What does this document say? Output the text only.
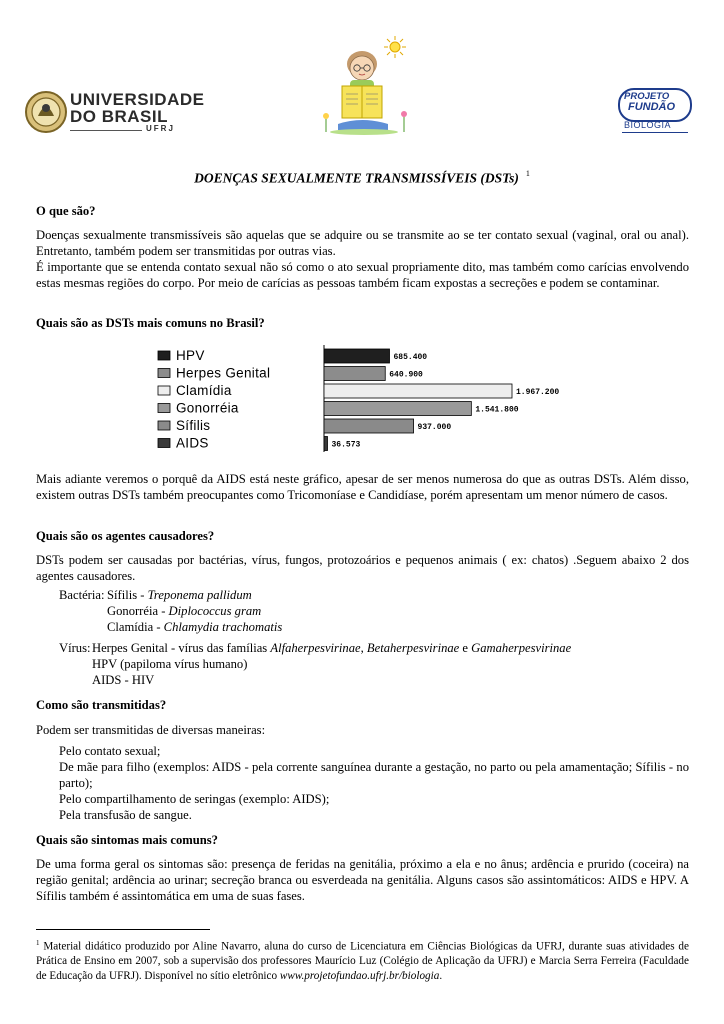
UNIVERSIDADE
DO BRASIL
UFRJ
PROJETO
FUNDÃO
BIOLOGIA
DOENÇAS SEXUALMENTE TRANSMISSÍVEIS (DSTs) $^1$
O que são?

Doenças sexualmente transmissíveis são aquelas que se adquire ou se transmite ao se ter contato sexual (vaginal, oral ou anal). Entretanto, também podem ser transmitidas por outras vias.

É importante que se entenda contato sexual não só como o ato sexual propriamente dito, mas também como carícias envolvendo estas mesmas regiões do corpo. Por meio de carícias as pessoas também ficam expostas a secreções e podem se contaminar.

Quais são as DSTs mais comuns no Brasil?
HPV	685.400
Herpes Genital	640.900
Clamídia	1.967.200
Gonorréia	1.541.800
Sífilis	937.000
AIDS	36.573

Mais adiante veremos o porquê da AIDS está neste gráfico, apesar de ser menos numerosa do que as outras DSTs. Além disso, existem outras DSTs também preocupantes como Tricomoníase e Candidíase, porém apresentam um menor número de casos.

Quais são os agentes causadores?

DSTs podem ser causadas por bactérias, vírus, fungos, protozoários e pequenos animais ( ex: chatos) .Seguem abaixo 2 dos agentes causadores.

Bactéria: Sífilis - Treponema pallidum
Gonorréia - Diplococcus gram
Clamídia - Chlamydia trachomatis
Vírus: Herpes Genital - vírus das famílias Alfaherpesvirinae, Betaherpesvirinae e Gamaherpesvirinae
HPV (papiloma vírus humano)
AIDS - HIV
Como são transmitidas?

Podem ser transmitidas de diversas maneiras:

Pelo contato sexual;

De mãe para filho (exemplos: AIDS - pela corrente sanguínea durante a gestação, no parto ou pela amamentação; Sífilis - no parto);

Pelo compartilhamento de seringas (exemplo: AIDS);

Pela transfusão de sangue.

Quais são sintomas mais comuns?

De uma forma geral os sintomas são: presença de feridas na genitália, próximo a ela e no ânus; ardência e prurido (coceira) na região genital; ardência ao urinar; secreção branca ou esverdeada na genitália. Alguns casos são assintomáticos: AIDS e HPV. A Sífilis também é assintomática em uma de suas fases.

$^1$ Material didático produzido por Aline Navarro, aluna do curso de Licenciatura em Ciências Biológicas da UFRJ, durante suas atividades de Prática de Ensino em 2007, sob a supervisão dos professores Maurício Luz (Colégio de Aplicação da UFRJ) e Marcia Serra Ferreira (Faculdade de Educação da UFRJ). Disponível no sítio eletrônico www.projetofundao.ufrj.br/biologia.
